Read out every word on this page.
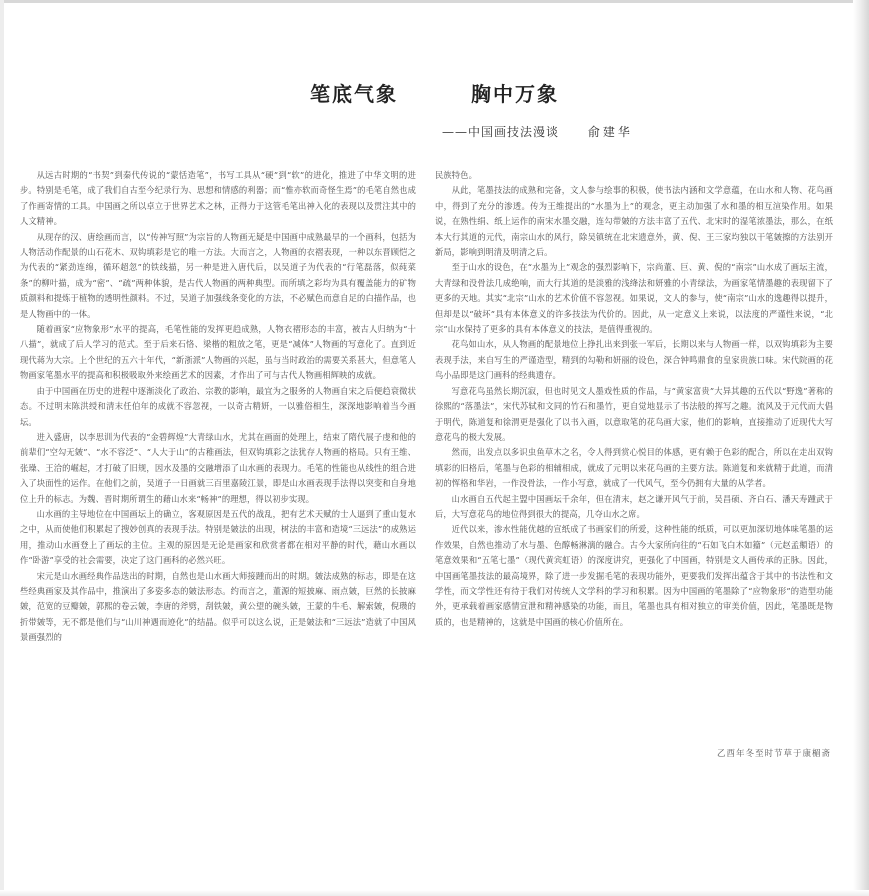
笔底气象	胸中万象
——中国画技法漫谈 俞建华

从远古时期的“书契”到秦代传说的“蒙恬造笔”，书写工具从“硬”到“软”的进化，推进了中华文明的进步。特别是毛笔，成了我们自古至今纪录行为、思想和情感的利器；而“惟亦软而奇怪生焉”的毛笔自然也成了作画寄情的工具。中国画之所以卓立于世界艺术之林，正得力于这管毛笔出神入化的表现以及贯注其中的人文精神。

从现存的汉、唐绘画而言，以“传神写照”为宗旨的人物画无疑是中国画中成熟最早的一个画科，包括为人物活动作配景的山石花木、双钩填彩是它的唯一方法。大而言之，人物画的衣褶表现，一种以东晋顾恺之为代表的“紧劲连绵，循环超忽”的铁线描，另一种是进入唐代后，以吴道子为代表的“行笔磊落，似莼菜条”的柳叶描，成为“密”、“疏”两种体貌，是古代人物画的两种典型。而所填之彩均为具有覆盖能力的矿物质颜料和提炼于植物的透明性颜料。不过，吴道子加强线条变化的方法，不必赋色而意自足的白描作品，也是人物画中的一体。

随着画家“应物象形”水平的提高，毛笔性能的发挥更趋成熟，人物衣褶形态的丰富，被古人归纳为“十八描”，就成了后人学习的范式。至于后来石恪、梁楷的粗放之笔，更是“减体”人物画的写意化了。直到近现代蒋为大宗。上个世纪的五六十年代，“新浙派”人物画的兴起，虽与当时政治的需要关系甚大，但意笔人物画家笔墨水平的提高和积极吸取外来绘画艺术的因素，才作出了可与古代人物画相辉映的成就。

由于中国画在历史的进程中逐渐淡化了政治、宗教的影响，最宜为之服务的人物画自宋之后便趋衰微状态。不过明末陈洪绶和清末任伯年的成就不容忽视，一以奇古精妍，一以雅俗相生，深深地影响着当今画坛。

进入盛唐，以李思训为代表的“金碧辉煌”大青绿山水，尤其在画面的处理上，结束了隋代展子虔和他的前辈们“空勾无皴”、“水不容泛”、“人大于山”的古稚画法，但双钩填彩之法犹存人物画的格局。只有王维、张璪、王洽的崛起，才打破了旧规，因水及墨的交融增添了山水画的表现力。毛笔的性能也从线性的组合进入了块面性的运作。在他们之前，吴道子一日画就三百里嘉陵江景，即是山水画表现手法得以突变和自身地位上升的标志。为魏、晋时期所谓生的藉山水来“畅神”的理想，得以初步实现。

山水画的主导地位在中国画坛上的确立，客观原因是五代的战乱，把有艺术天赋的士人逼到了重山复水之中，从而使他们积累起了搜妙创真的表现手法。特别是皴法的出现，树法的丰富和造境“三远法”的成熟运用，推动山水画登上了画坛的主位。主观的原因是无论是画家和欣赏者都在相对平静的时代，藉山水画以作“卧游”享受的社会需要，决定了这门画科的必然兴旺。

宋元是山水画经典作品迭出的时期，自然也是山水画大师接踵而出的时期。皴法成熟的标志，即是在这些经典画家及其作品中，推演出了多姿多态的皴法形态。约而言之，董源的短披麻、雨点皴，巨然的长披麻皴，范宽的豆瓣皴，郭熙的卷云皴，李唐的斧劈，刮铁皴，黄公望的碗头皴，王蒙的牛毛、解索皴，倪瓒的折带皴等，无不都是他们与“山川神遇而迹化”的结晶。似乎可以这么说，正是皴法和“三远法”造就了中国风景画强烈的

民族特色。

从此，笔墨技法的成熟和完备，文人参与绘事的积极，使书法内涵和文学意蕴，在山水和人物、花鸟画中，得到了充分的渗透。传为王维提出的“水墨为上”的观念，更主动加强了水和墨的相互渲染作用。如果说，在熟性绢、纸上运作的南宋水墨交融，连勾带皴的方法丰富了五代、北宋时的湿笔浓墨法，那么，在纸本大行其道的元代，南宗山水的风行，除吴镇统在北宋遗意外，黄、倪、王三家均独以干笔皴擦的方法别开新局，影响到明清及明清之后。

至于山水的设色，在“水墨为上”观念的强烈影响下，宗尚董、巨、黄、倪的“南宗”山水成了画坛主流，大青绿和没骨法几成绝响，而大行其道的是淡雅的浅绛法和妍雅的小青绿法，为画家笔情墨趣的表现留下了更多的天地。其实“北宗”山水的艺术价值不容忽视。如果说，文人的参与，使“南宗”山水的逸趣得以提升，但却是以“破坏”具有本体意义的许多技法为代价的。因此，从一定意义上来说，以法度的严谨性来说，“北宗”山水保持了更多的具有本体意义的技法，是值得重视的。

花鸟如山水，从人物画的配景地位上挣扎出来到张一军后，长期以来与人物画一样，以双钩填彩为主要表现手法，来自写生的严谨造型，精到的勾勒和妍丽的设色，深合钟鸣鼎食的皇家贵族口味。宋代院画的花鸟小品即是这门画科的经典遗存。

写意花鸟虽然长期沉寂，但也时见文人墨戏性质的作品，与“黄家富贵”大异其趣的五代以“野逸”著称的徐熙的“落墨法”，宋代苏轼和文同的竹石和墨竹，更自觉地显示了书法般的挥写之趣。流风及于元代而大倡于明代，陈道复和徐渭更是强化了以书入画，以意取笔的花鸟画大家，他们的影响，直接推动了近现代大写意花鸟的极大发展。

然而，出发点以多识虫鱼草木之名，令人得到赏心悦目的体感，更有赖于色彩的配合，所以在走出双钩填彩的旧格后，笔墨与色彩的相辅相成，就成了元明以来花鸟画的主要方法。陈道复和来就精于此道，而清初的恽格和华岩，一作没骨法，一作小写意，就成了一代风气，至今仍拥有大量的从学者。

山水画自五代起主盟中国画坛千余年，但在清末，赵之谦开风气于前，吴昌硕、齐白石、潘天寿踵武于后，大写意花鸟的地位得到很大的提高，几夺山水之席。

近代以来，渗水性能优越的宣纸成了书画家们的所爱，这种性能的纸质，可以更加深切地体味笔墨的运作效果，自然也推动了水与墨、色醇畅淋漓的融合。古今大家所向往的“石如飞白木如籀”（元赵孟頫语）的笔意效果和“五笔七墨”（现代黄宾虹语）的深度讲究，更强化了中国画，特别是文人画传承的正脉。因此，中国画笔墨技法的最高境界，除了进一步发掘毛笔的表现功能外，更要我们发挥出蕴含于其中的书法性和文学性，而文学性还有待于我们对传统人文学科的学习和积累。因为中国画的笔墨除了“应物象形”的造型功能外，更承载着画家感情宣泄和精神感染的功能，而且，笔墨也具有相对独立的审美价值，因此，笔墨既是物质的，也是精神的，这就是中国画的核心价值所在。

乙酉年冬至时节草于康楣斋
